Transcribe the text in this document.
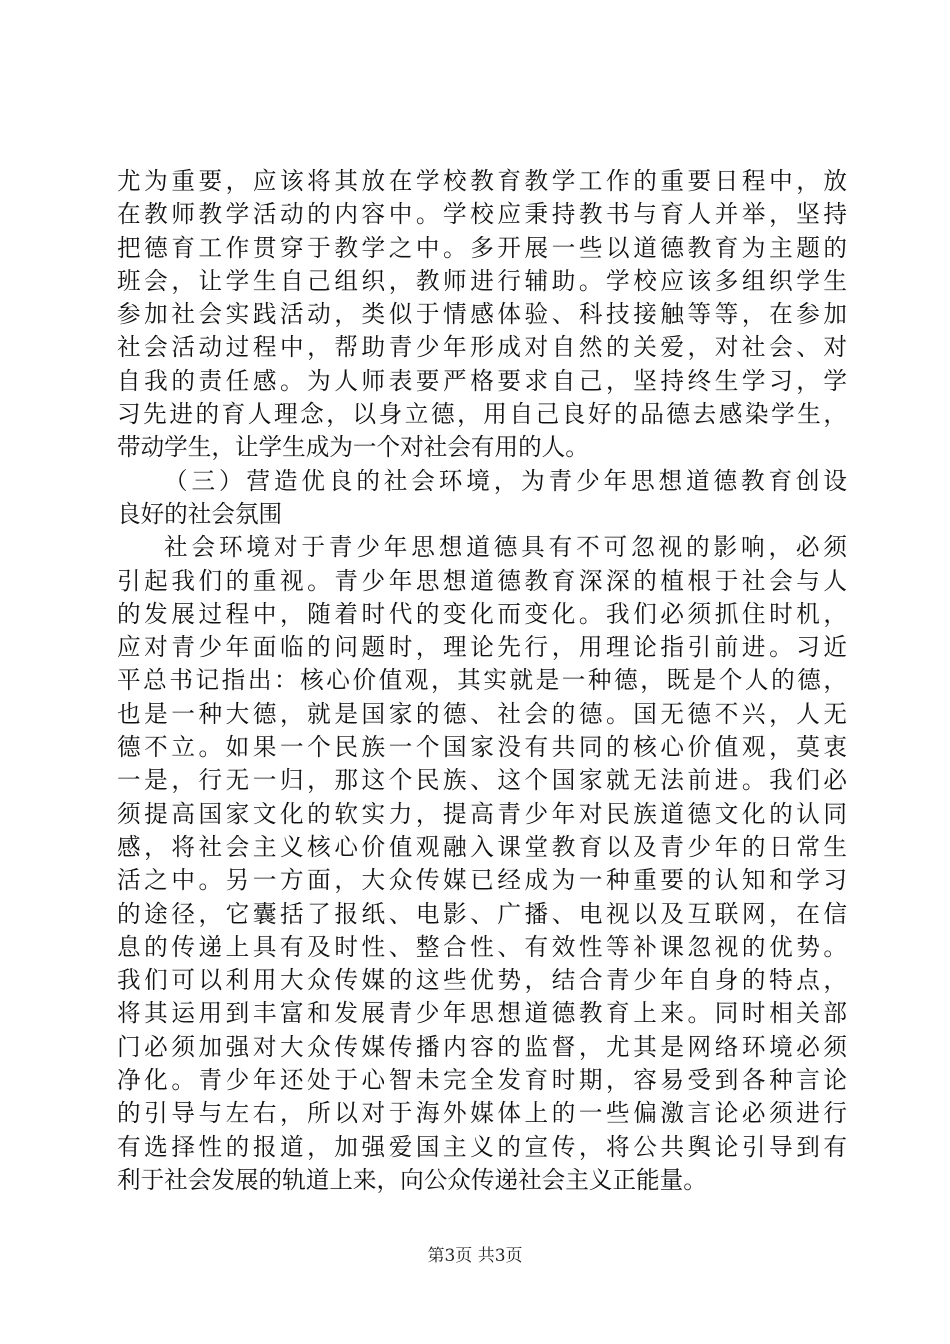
尤为重要，应该将其放在学校教育教学工作的重要日程中，放
在教师教学活动的内容中。学校应秉持教书与育人并举，坚持
把德育工作贯穿于教学之中。多开展一些以道德教育为主题的
班会，让学生自己组织，教师进行辅助。学校应该多组织学生
参加社会实践活动，类似于情感体验、科技接触等等，在参加
社会活动过程中，帮助青少年形成对自然的关爱，对社会、对
自我的责任感。为人师表要严格要求自己，坚持终生学习，学
习先进的育人理念，以身立德，用自己良好的品德去感染学生，
带动学生，让学生成为一个对社会有用的人。
（三）营造优良的社会环境，为青少年思想道德教育创设
良好的社会氛围
社会环境对于青少年思想道德具有不可忽视的影响，必须
引起我们的重视。青少年思想道德教育深深的植根于社会与人
的发展过程中，随着时代的变化而变化。我们必须抓住时机，
应对青少年面临的问题时，理论先行，用理论指引前进。习近
平总书记指出：核心价值观，其实就是一种德，既是个人的德，
也是一种大德，就是国家的德、社会的德。国无德不兴，人无
德不立。如果一个民族一个国家没有共同的核心价值观，莫衷
一是，行无一归，那这个民族、这个国家就无法前进。我们必
须提高国家文化的软实力，提高青少年对民族道德文化的认同
感，将社会主义核心价值观融入课堂教育以及青少年的日常生
活之中。另一方面，大众传媒已经成为一种重要的认知和学习
的途径，它囊括了报纸、电影、广播、电视以及互联网，在信
息的传递上具有及时性、整合性、有效性等补课忽视的优势。
我们可以利用大众传媒的这些优势，结合青少年自身的特点，
将其运用到丰富和发展青少年思想道德教育上来。同时相关部
门必须加强对大众传媒传播内容的监督，尤其是网络环境必须
净化。青少年还处于心智未完全发育时期，容易受到各种言论
的引导与左右，所以对于海外媒体上的一些偏激言论必须进行
有选择性的报道，加强爱国主义的宣传，将公共舆论引导到有
利于社会发展的轨道上来，向公众传递社会主义正能量。
第3页 共3页
